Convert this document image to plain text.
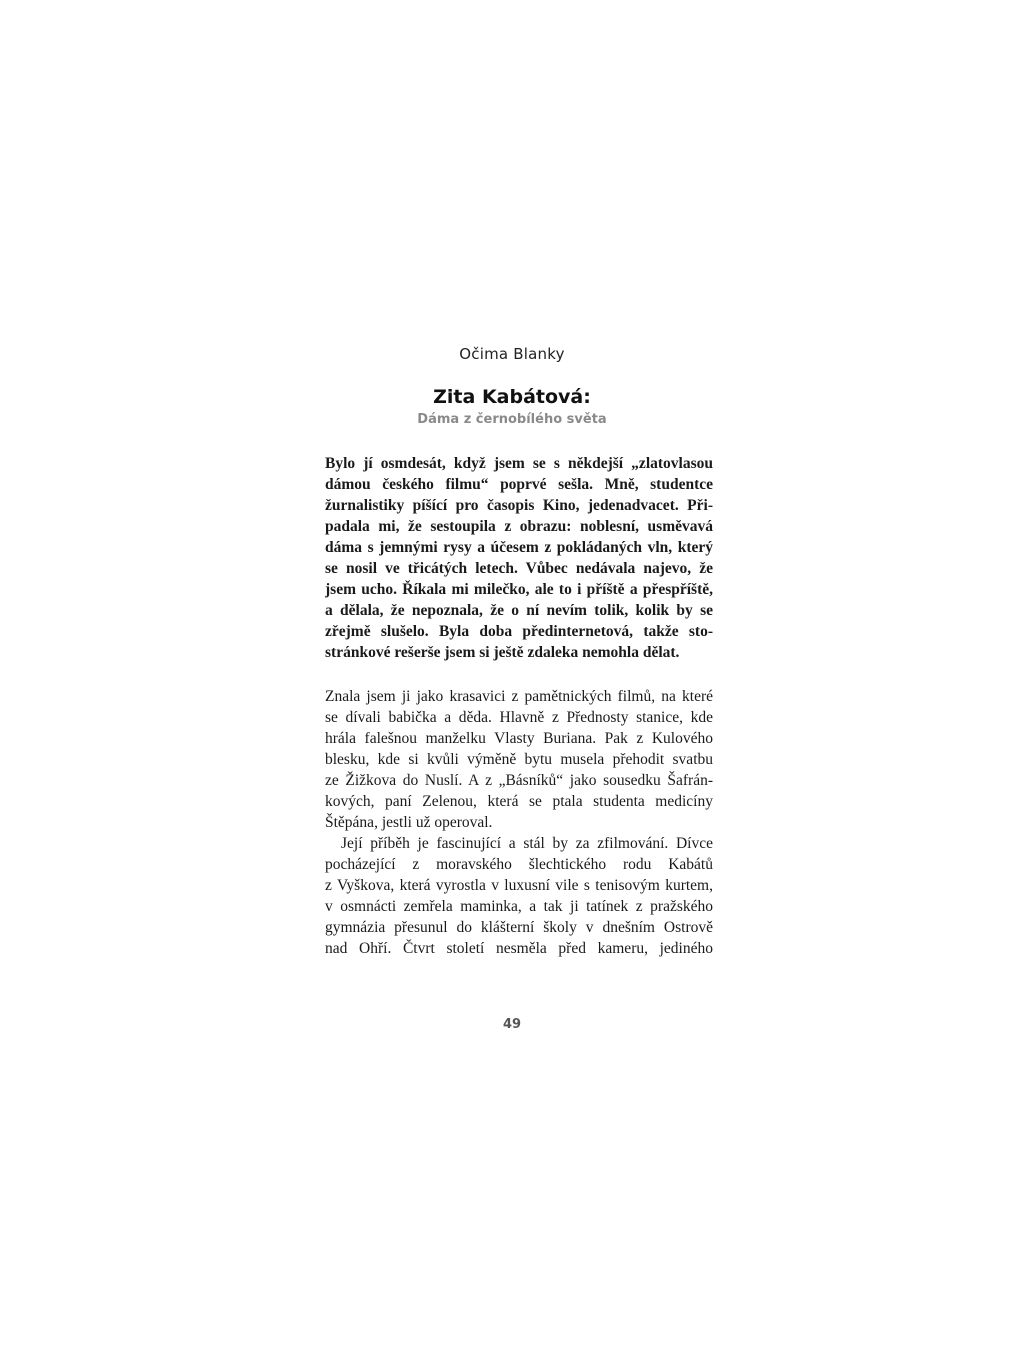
Očima Blanky
Zita Kabátová:
Dáma z černobílého světa
Bylo jí osmdesát, když jsem se s někdejší „zlatovlasou
dámou českého filmu“ poprvé sešla. Mně, studentce
žurnalistiky píšící pro časopis Kino, jedenadvacet. Při-
padala mi, že sestoupila z obrazu: noblesní, usměvavá
dáma s jemnými rysy a účesem z pokládaných vln, který
se nosil ve třicátých letech. Vůbec nedávala najevo, že
jsem ucho. Říkala mi milečko, ale to i příště a přespříště,
a dělala, že nepoznala, že o ní nevím tolik, kolik by se
zřejmě slušelo. Byla doba předinternetová, takže sto-
stránkové rešerše jsem si ještě zdaleka nemohla dělat.
Znala jsem ji jako krasavici z pamětnických filmů, na které
se dívali babička a děda. Hlavně z Přednosty stanice, kde
hrála falešnou manželku Vlasty Buriana. Pak z Kulového
blesku, kde si kvůli výměně bytu musela přehodit svatbu
ze Žižkova do Nuslí. A z „Básníků“ jako sousedku Šafrán-
kových, paní Zelenou, která se ptala studenta medicíny
Štěpána, jestli už operoval.
Její příběh je fascinující a stál by za zfilmování. Dívce
pocházející z moravského šlechtického rodu Kabátů
z Vyškova, která vyrostla v luxusní vile s tenisovým kurtem,
v osmnácti zemřela maminka, a tak ji tatínek z pražského
gymnázia přesunul do klášterní školy v dnešním Ostrově
nad Ohří. Čtvrt století nesměla před kameru, jediného
49
